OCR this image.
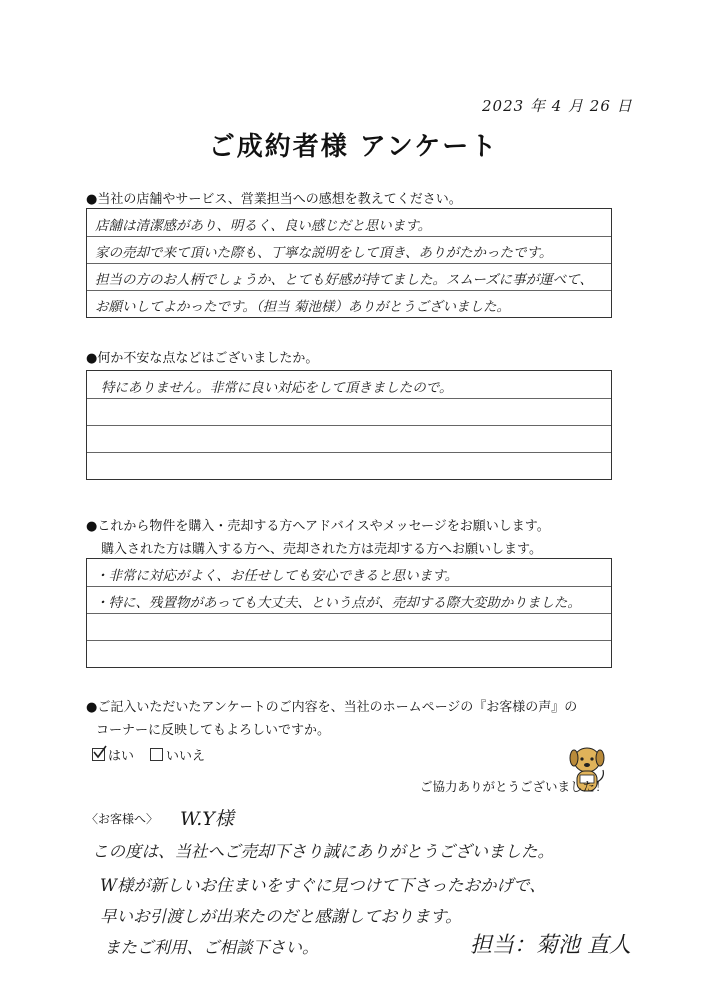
2023 年 4 月 26 日
ご成約者様 アンケート
●当社の店舗やサービス、営業担当への感想を教えてください。
店舗は清潔感があり、明るく、良い感じだと思います。
家の売却で来て頂いた際も、丁寧な説明をして頂き、ありがたかったです。
担当の方のお人柄でしょうか、とても好感が持てました。スムーズに事が運べて、
お願いしてよかったです。（担当 菊池様）ありがとうございました。
●何か不安な点などはございましたか。
特にありません。非常に良い対応をして頂きましたので。
●これから物件を購入・売却する方へアドバイスやメッセージをお願いします。
購入された方は購入する方へ、売却された方は売却する方へお願いします。
・非常に対応がよく、お任せしても安心できると思います。
・特に、残置物があっても大丈夫、という点が、売却する際大変助かりました。
●ご記入いただいたアンケートのご内容を、当社のホームページの『お客様の声』の
コーナーに反映してもよろしいですか。
はい いいえ
ご協力ありがとうございました！
〈お客様へ〉 W.Y様
この度は、当社へご売却下さり誠にありがとうございました。
W様が新しいお住まいをすぐに見つけて下さったおかげで、
早いお引渡しが出来たのだと感謝しております。
またご利用、ご相談下さい。	担当：菊池 直人
